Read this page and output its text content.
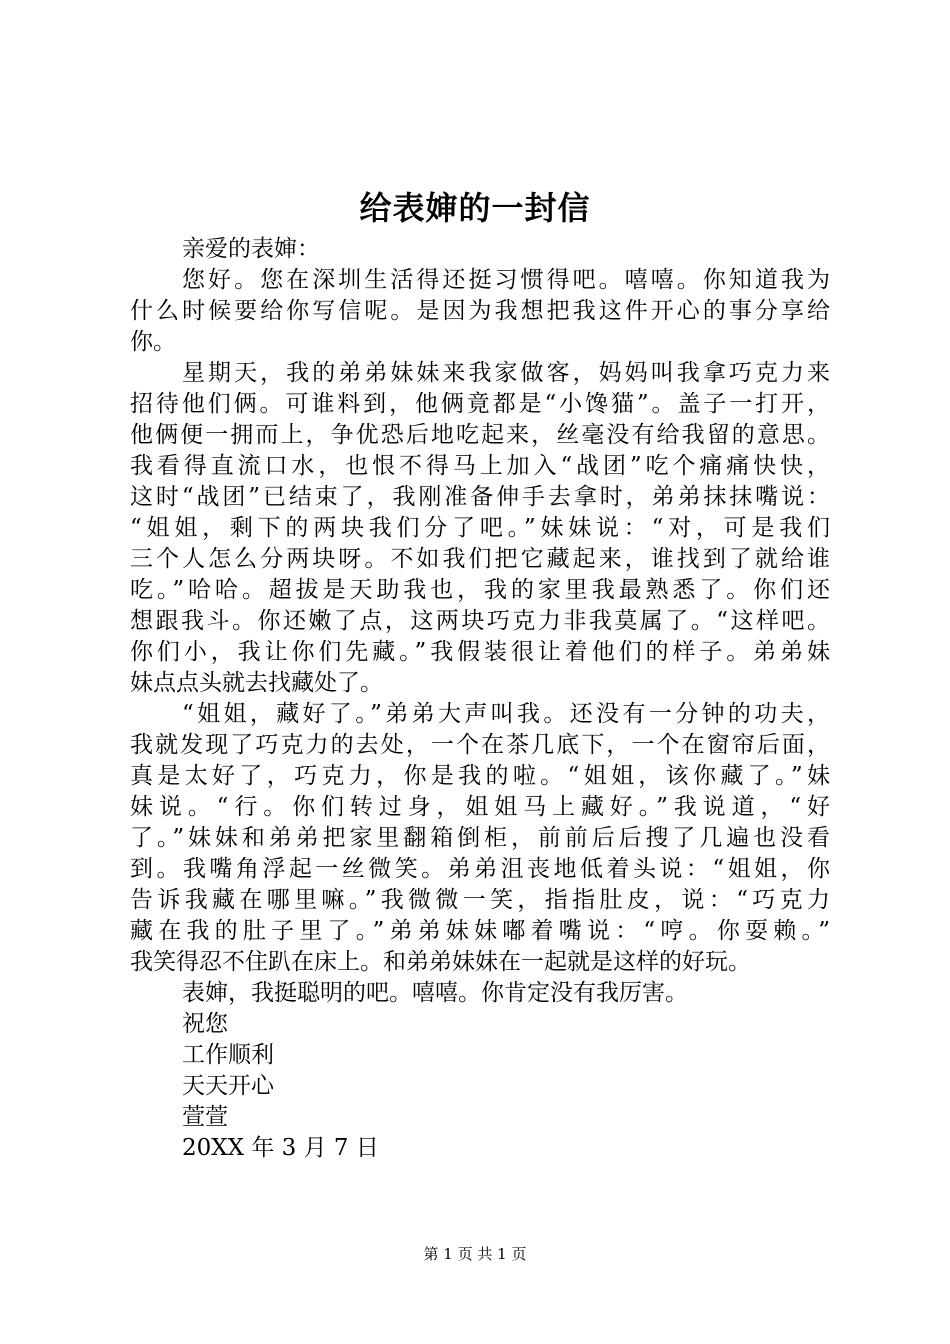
给表婶的一封信
亲爱的表婶：
您好。您在深圳生活得还挺习惯得吧。嘻嘻。你知道我为
什么时候要给你写信呢。是因为我想把我这件开心的事分享给
你。
星期天，我的弟弟妹妹来我家做客，妈妈叫我拿巧克力来
招待他们俩。可谁料到，他俩竟都是“小馋猫”。盖子一打开，
他俩便一拥而上，争优恐后地吃起来，丝毫没有给我留的意思。
我看得直流口水，也恨不得马上加入“战团”吃个痛痛快快，
这时“战团”已结束了，我刚准备伸手去拿时，弟弟抹抹嘴说：
“姐姐，剩下的两块我们分了吧。”妹妹说：“对，可是我们
三个人怎么分两块呀。不如我们把它藏起来，谁找到了就给谁
吃。”哈哈。超拔是天助我也，我的家里我最熟悉了。你们还
想跟我斗。你还嫩了点，这两块巧克力非我莫属了。“这样吧。
你们小，我让你们先藏。”我假装很让着他们的样子。弟弟妹
妹点点头就去找藏处了。
“姐姐，藏好了。”弟弟大声叫我。还没有一分钟的功夫，
我就发现了巧克力的去处，一个在茶几底下，一个在窗帘后面，
真是太好了，巧克力，你是我的啦。“姐姐，该你藏了。”妹
妹说。“行。你们转过身，姐姐马上藏好。”我说道，“好
了。”妹妹和弟弟把家里翻箱倒柜，前前后后搜了几遍也没看
到。我嘴角浮起一丝微笑。弟弟沮丧地低着头说：“姐姐，你
告诉我藏在哪里嘛。”我微微一笑，指指肚皮，说：“巧克力
藏在我的肚子里了。”弟弟妹妹嘟着嘴说：“哼。你耍赖。”
我笑得忍不住趴在床上。和弟弟妹妹在一起就是这样的好玩。
表婶，我挺聪明的吧。嘻嘻。你肯定没有我厉害。
祝您
工作顺利
天天开心
萱萱
20XX 年 3 月 7 日
第 1 页 共 1 页
